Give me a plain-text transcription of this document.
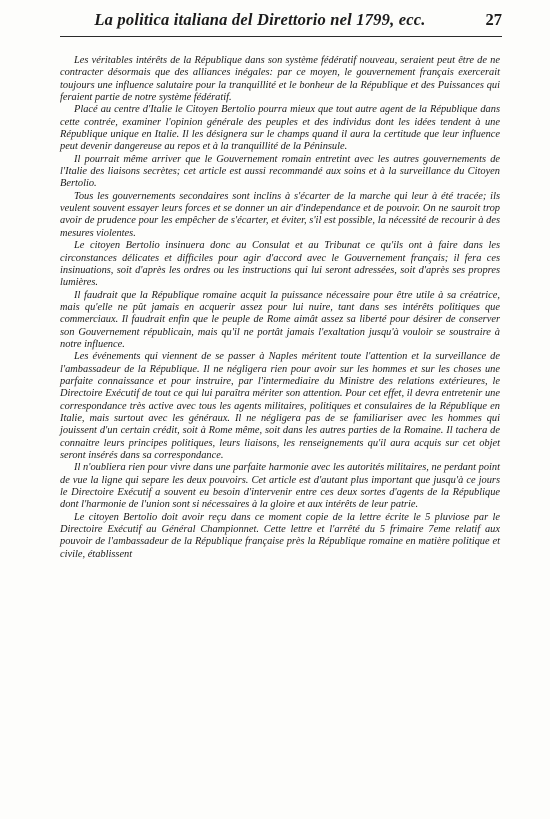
La politica italiana del Direttorio nel 1799, ecc.	27

Les véritables intérêts de la République dans son système fédératif nouveau, seraient peut être de ne contracter désormais que des alliances inégales: par ce moyen, le gouvernement français exercerait toujours une influence salutaire pour la tranquillité et le bonheur de la République et des Puissances qui feraient partie de notre système fédératif.

Placé au centre d'Italie le Citoyen Bertolio pourra mieux que tout autre agent de la République dans cette contrée, examiner l'opinion générale des peuples et des individus dont les idées tendent à une République unique en Italie. Il les désignera sur le champs quand il aura la certitude que leur influence peut devenir dangereuse au repos et à la tranquillité de la Péninsule.

Il pourrait même arriver que le Gouvernement romain entretint avec les autres gouvernements de l'Italie des liaisons secrètes; cet article est aussi recommandé aux soins et à la surveillance du Citoyen Bertolio.

Tous les gouvernements secondaires sont inclins à s'écarter de la marche qui leur à été tracée; ils veulent souvent essayer leurs forces et se donner un air d'independance et de pouvoir. On ne sauroit trop avoir de prudence pour les empêcher de s'écarter, et éviter, s'il est possible, la nécessité de recourir à des mesures violentes.

Le citoyen Bertolio insinuera donc au Consulat et au Tribunat ce qu'ils ont à faire dans les circonstances délicates et difficiles pour agir d'accord avec le Gouvernement français; il fera ces insinuations, soit d'après les ordres ou les instructions qui lui seront adressées, soit d'après ses propres lumières.

Il faudrait que la République romaine acquit la puissance nécessaire pour être utile à sa créatrice, mais qu'elle ne pût jamais en acquerir assez pour lui nuire, tant dans ses intérêts politiques que commerciaux. Il faudrait enfin que le peuple de Rome aimât assez sa liberté pour désirer de conserver son Gouvernement républicain, mais qu'il ne portât jamais l'exaltation jusqu'à vouloir se soustraire à notre influence.

Les événements qui viennent de se passer à Naples méritent toute l'attention et la surveillance de l'ambassadeur de la République. Il ne négligera rien pour avoir sur les hommes et sur les choses une parfaite connaissance et pour instruire, par l'intermediaire du Ministre des relations extérieures, le Directoire Exécutif de tout ce qui lui paraîtra mériter son attention. Pour cet effet, il devra entretenir une correspondance très active avec tous les agents militaires, politiques et consulaires de la République en Italie, mais surtout avec les généraux. Il ne négligera pas de se familiariser avec les hommes qui jouissent d'un certain crédit, soit à Rome même, soit dans les autres parties de la Romaine. Il tachera de connaitre leurs principes politiques, leurs liaisons, les renseignements qu'il aura acquis sur cet objet seront insérés dans sa correspondance.

Il n'oubliera rien pour vivre dans une parfaite harmonie avec les autorités militaires, ne perdant point de vue la ligne qui separe les deux pouvoirs. Cet article est d'autant plus important que jusqu'à ce jours le Directoire Exécutif a souvent eu besoin d'intervenir entre ces deux sortes d'agents de la République dont l'harmonie de l'union sont si nécessaires à la gloire et aux intérêts de leur patrie.

Le citoyen Bertolio doit avoir reçu dans ce moment copie de la lettre écrite le 5 pluviose par le Directoire Exécutif au Général Championnet. Cette lettre et l'arrêté du 5 frimaire 7eme relatif aux pouvoir de l'ambassadeur de la République française près la République romaine en matière politique et civile, établissent
